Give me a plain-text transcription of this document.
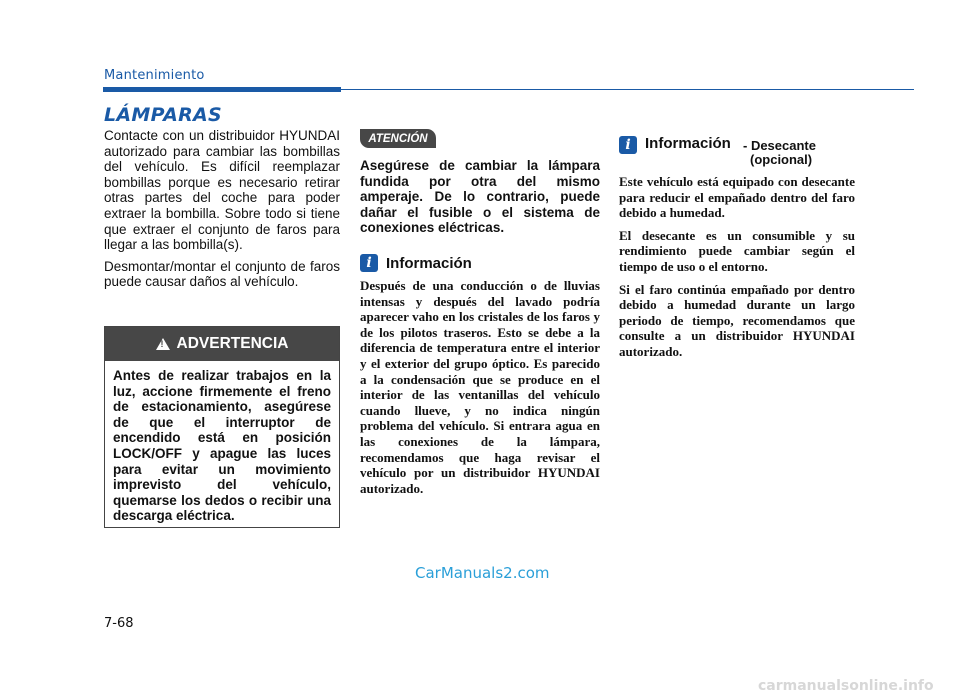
Mantenimiento
LÁMPARAS

Contacte con un distribuidor HYUNDAI autorizado para cambiar las bombillas del vehículo. Es difícil reemplazar bombillas porque es necesario retirar otras partes del coche para poder extraer la bombilla. Sobre todo si tiene que extraer el conjunto de faros para llegar a las bombilla(s).

Desmontar/montar el conjunto de faros puede causar daños al vehículo.

!
ADVERTENCIA
Antes de realizar trabajos en la luz, accione firmemente el freno de estacionamiento, asegúrese de que el interruptor de encendido está en posición LOCK/OFF y apague las luces para evitar un movimiento imprevisto del vehículo, quemarse los dedos o recibir una descarga eléctrica.
ATENCIÓN
Asegúrese de cambiar la lámpara fundida por otra del mismo amperaje. De lo contrario, puede dañar el fusible o el sistema de conexiones eléctricas.
i Información
Después de una conducción o de lluvias intensas y después del lavado podría aparecer vaho en los cristales de los faros y de los pilotos traseros. Esto se debe a la diferencia de temperatura entre el interior y el exterior del grupo óptico. Es parecido a la condensación que se produce en el interior de las ventanillas del vehículo cuando llueve, y no indica ningún problema del vehículo. Si entrara agua en las conexiones de la lámpara, recomendamos que haga revisar el vehículo por un distribuidor HYUNDAI autorizado.
i Información - Desecante
(opcional)

Este vehículo está equipado con desecante para reducir el empañado dentro del faro debido a humedad.

El desecante es un consumible y su rendimiento puede cambiar según el tiempo de uso o el entorno.

Si el faro continúa empañado por dentro debido a humedad durante un largo periodo de tiempo, recomendamos que consulte a un distribuidor HYUNDAI autorizado.

CarManuals2.com
7-68
carmanualsonline.info
